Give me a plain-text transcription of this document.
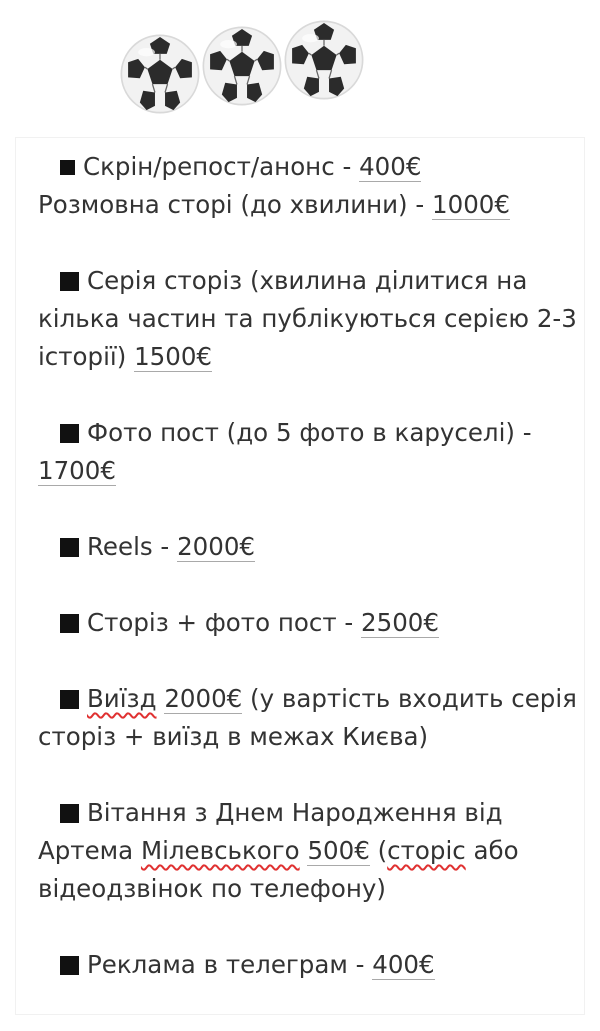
Скрін/репост/анонс - 400€
Розмовна сторі (до хвилини) - 1000€
Серія сторіз (хвилина ділитися на
кілька частин та публікуються серією 2-3
історії) 1500€
Фото пост (до 5 фото в каруселі) -
1700€
Reels - 2000€
Сторіз + фото пост - 2500€
Виїзд 2000€ (у вартість входить серія
сторіз + виїзд в межах Києва)
Вітання з Днем Народження від
Артема Мілевського 500€ (сторіс або
відеодзвінок по телефону)
Реклама в телеграм - 400€
